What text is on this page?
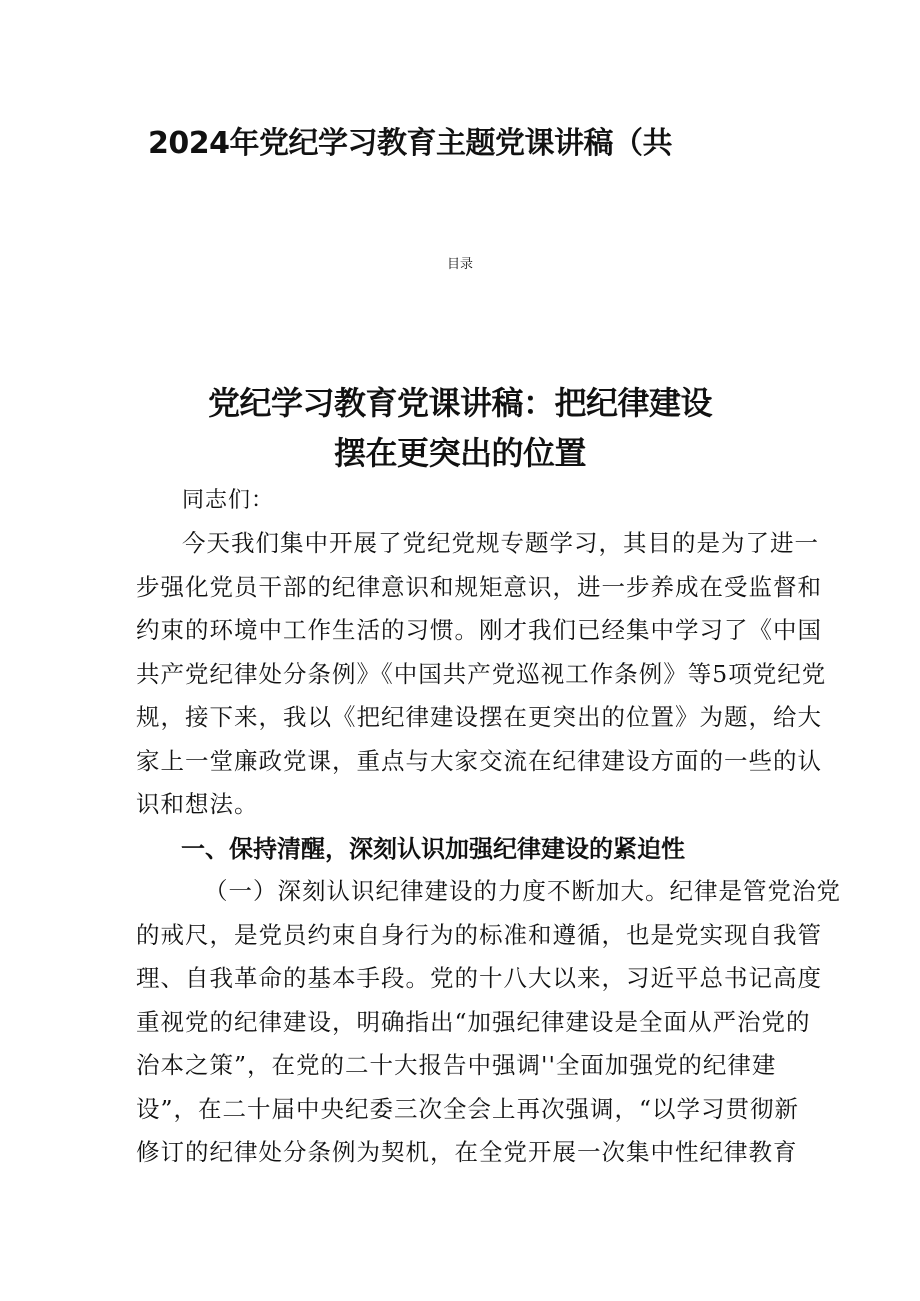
2024年党纪学习教育主题党课讲稿（共

目录

党纪学习教育党课讲稿：把纪律建设
摆在更突出的位置

同志们：

今天我们集中开展了党纪党规专题学习，其目的是为了进一
步强化党员干部的纪律意识和规矩意识，进一步养成在受监督和
约束的环境中工作生活的习惯。刚才我们已经集中学习了《中国
共产党纪律处分条例》《中国共产党巡视工作条例》等5项党纪党
规，接下来，我以《把纪律建设摆在更突出的位置》为题，给大
家上一堂廉政党课，重点与大家交流在纪律建设方面的一些的认
识和想法。
一、保持清醒，深刻认识加强纪律建设的紧迫性
（一）深刻认识纪律建设的力度不断加大。纪律是管党治党
的戒尺，是党员约束自身行为的标准和遵循，也是党实现自我管
理、自我革命的基本手段。党的十八大以来，习近平总书记高度
重视党的纪律建设，明确指出“加强纪律建设是全面从严治党的
治本之策”，在党的二十大报告中强调''全面加强党的纪律建
设”，在二十届中央纪委三次全会上再次强调，“以学习贯彻新
修订的纪律处分条例为契机，在全党开展一次集中性纪律教育
